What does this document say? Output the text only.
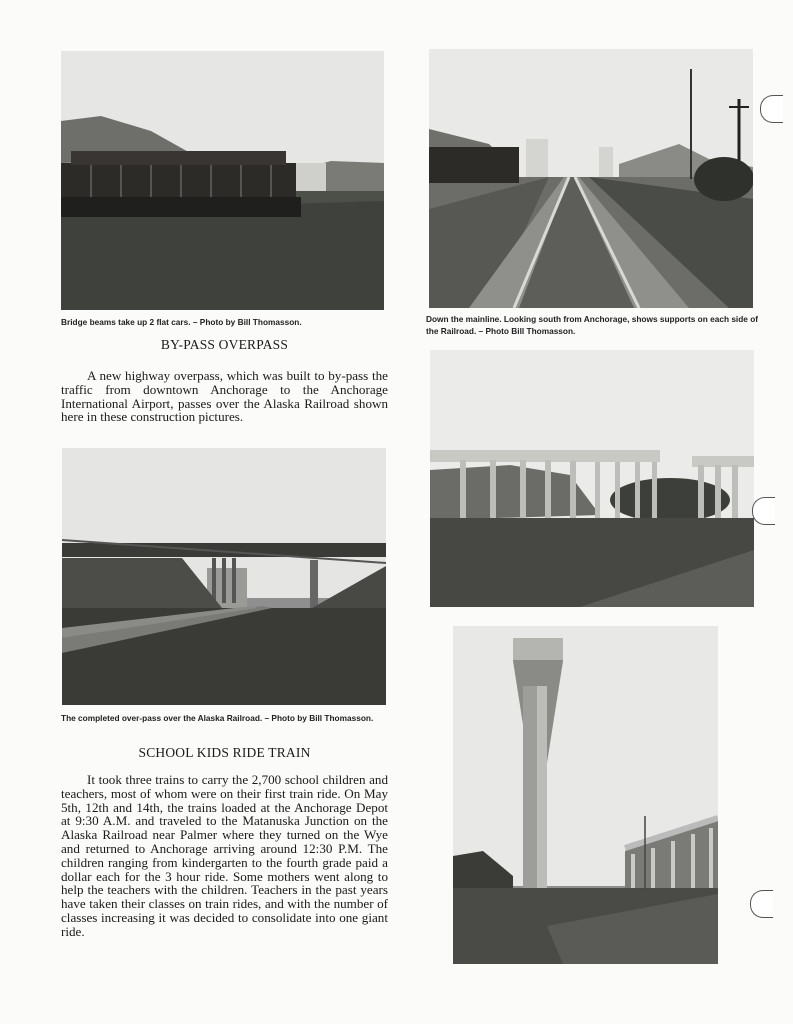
Bridge beams take up 2 flat cars. – Photo by Bill Thomasson.
BY-PASS OVERPASS
A new highway overpass, which was built to by-pass the traffic from downtown Anchorage to the Anchorage International Airport, passes over the Alaska Railroad shown here in these construction pictures.
Down the mainline. Looking south from Anchorage, shows supports on each side of the Railroad. – Photo Bill Thomasson.
The completed over-pass over the Alaska Railroad. – Photo by Bill Thomasson.
SCHOOL KIDS RIDE TRAIN
It took three trains to carry the 2,700 school children and teachers, most of whom were on their first train ride. On May 5th, 12th and 14th, the trains loaded at the Anchorage Depot at 9:30 A.M. and traveled to the Matanuska Junction on the Alaska Railroad near Palmer where they turned on the Wye and returned to Anchorage arriving around 12:30 P.M. The children ranging from kindergarten to the fourth grade paid a dollar each for the 3 hour ride. Some mothers went along to help the teachers with the children. Teachers in the past years have taken their classes on train rides, and with the number of classes increasing it was decided to consolidate into one giant ride.
